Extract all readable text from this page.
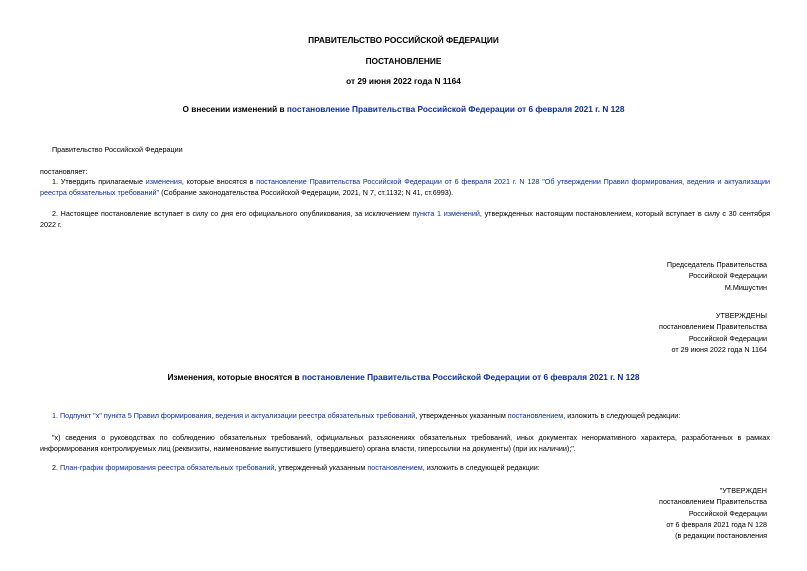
ПРАВИТЕЛЬСТВО РОССИЙСКОЙ ФЕДЕРАЦИИ
ПОСТАНОВЛЕНИЕ
от 29 июня 2022 года N 1164
О внесении изменений в постановление Правительства Российской Федерации от 6 февраля 2021 г. N 128
Правительство Российской Федерации
постановляет:
1. Утвердить прилагаемые изменения, которые вносятся в постановление Правительства Российской Федерации от 6 февраля 2021 г. N 128 "Об утверждении Правил формирования, ведения и актуализации реестра обязательных требований" (Собрание законодательства Российской Федерации, 2021, N 7, ст.1132; N 41, ст.6993).
2. Настоящее постановление вступает в силу со дня его официального опубликования, за исключением пункта 1 изменений, утвержденных настоящим постановлением, который вступает в силу с 30 сентября 2022 г.
Председатель Правительства
Российской Федерации
М.Мишустин
УТВЕРЖДЕНЫ
постановлением Правительства
Российской Федерации
от 29 июня 2022 года N 1164
Изменения, которые вносятся в постановление Правительства Российской Федерации от 6 февраля 2021 г. N 128
1. Подпункт "х" пункта 5 Правил формирования, ведения и актуализации реестра обязательных требований, утвержденных указанным постановлением, изложить в следующей редакции:
"х) сведения о руководствах по соблюдению обязательных требований, официальных разъяснениях обязательных требований, иных документах ненормативного характера, разработанных в рамках информирования контролируемых лиц (реквизиты, наименование выпустившего (утвердившего) органа власти, гиперссылки на документы) (при их наличии);".
2. План-график формирования реестра обязательных требований, утвержденный указанным постановлением, изложить в следующей редакции:
"УТВЕРЖДЕН
постановлением Правительства
Российской Федерации
от 6 февраля 2021 года N 128
(в редакции постановления
